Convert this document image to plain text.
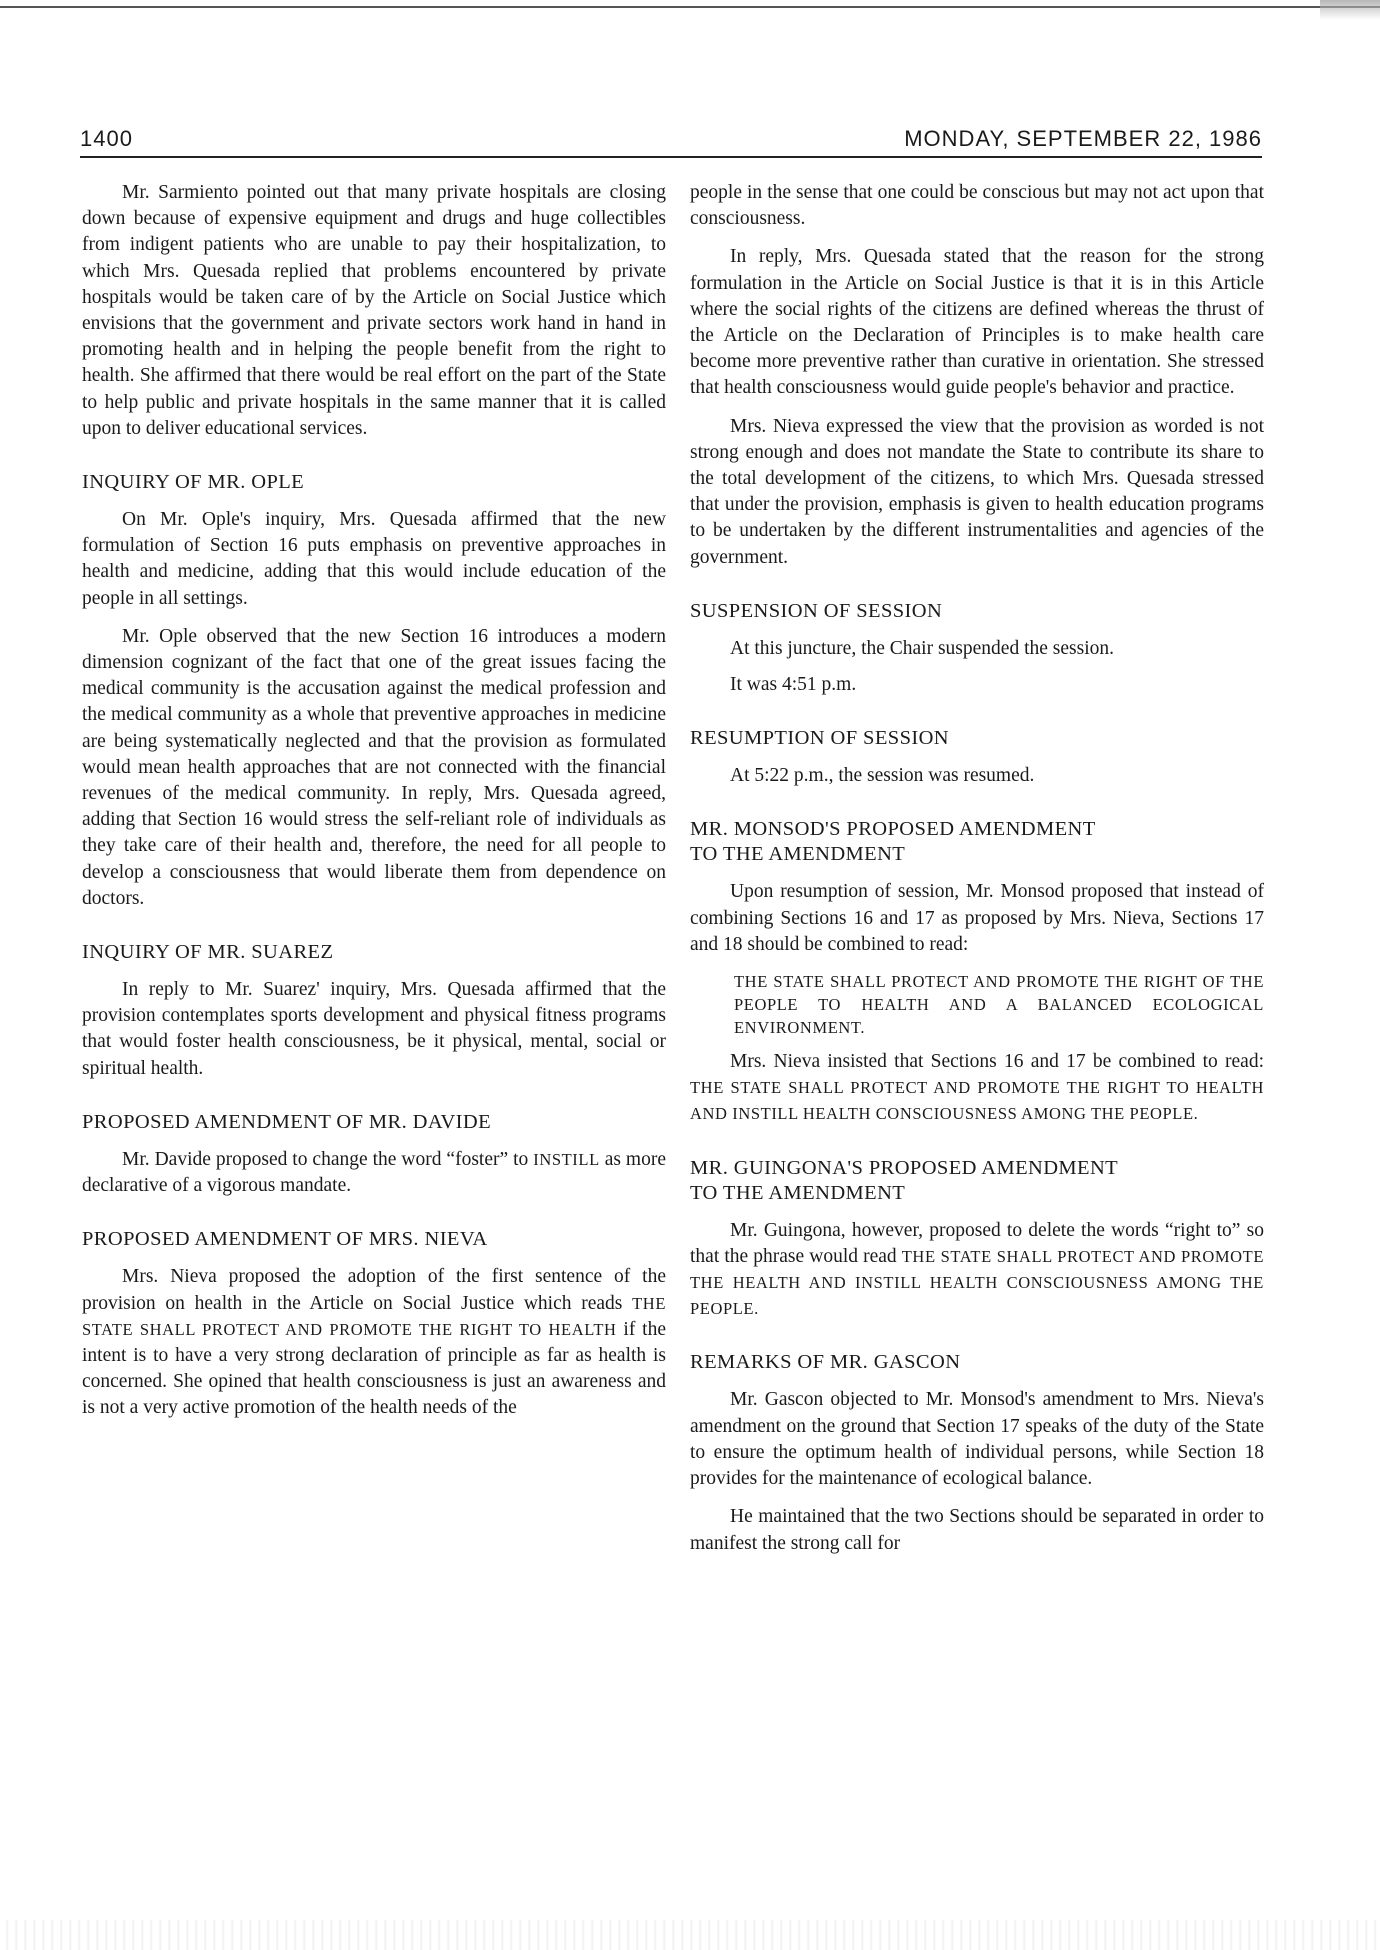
1400	MONDAY, SEPTEMBER 22, 1986

Mr. Sarmiento pointed out that many private hospitals are closing down because of expensive equipment and drugs and huge collectibles from indigent patients who are unable to pay their hospitalization, to which Mrs. Quesada replied that problems encountered by private hospitals would be taken care of by the Article on Social Justice which envisions that the government and private sectors work hand in hand in promoting health and in helping the people benefit from the right to health. She affirmed that there would be real effort on the part of the State to help public and private hospitals in the same manner that it is called upon to deliver educational services.

INQUIRY OF MR. OPLE

On Mr. Ople's inquiry, Mrs. Quesada affirmed that the new formulation of Section 16 puts emphasis on preventive approaches in health and medicine, adding that this would include education of the people in all settings.

Mr. Ople observed that the new Section 16 introduces a modern dimension cognizant of the fact that one of the great issues facing the medical community is the accusation against the medical profession and the medical community as a whole that preventive approaches in medicine are being systematically neglected and that the provision as formulated would mean health approaches that are not connected with the financial revenues of the medical community. In reply, Mrs. Quesada agreed, adding that Section 16 would stress the self-reliant role of individuals as they take care of their health and, therefore, the need for all people to develop a consciousness that would liberate them from dependence on doctors.

INQUIRY OF MR. SUAREZ

In reply to Mr. Suarez' inquiry, Mrs. Quesada affirmed that the provision contemplates sports development and physical fitness programs that would foster health consciousness, be it physical, mental, social or spiritual health.

PROPOSED AMENDMENT OF MR. DAVIDE

Mr. Davide proposed to change the word “foster” to INSTILL as more declarative of a vigorous mandate.

PROPOSED AMENDMENT OF MRS. NIEVA

Mrs. Nieva proposed the adoption of the first sentence of the provision on health in the Article on Social Justice which reads THE STATE SHALL PROTECT AND PROMOTE THE RIGHT TO HEALTH if the intent is to have a very strong declaration of principle as far as health is concerned. She opined that health consciousness is just an awareness and is not a very active promotion of the health needs of the

people in the sense that one could be conscious but may not act upon that consciousness.

In reply, Mrs. Quesada stated that the reason for the strong formulation in the Article on Social Justice is that it is in this Article where the social rights of the citizens are defined whereas the thrust of the Article on the Declaration of Principles is to make health care become more preventive rather than curative in orientation. She stressed that health consciousness would guide people's behavior and practice.

Mrs. Nieva expressed the view that the provision as worded is not strong enough and does not mandate the State to contribute its share to the total development of the citizens, to which Mrs. Quesada stressed that under the provision, emphasis is given to health education programs to be undertaken by the different instrumentalities and agencies of the government.

SUSPENSION OF SESSION

At this juncture, the Chair suspended the session.

It was 4:51 p.m.

RESUMPTION OF SESSION

At 5:22 p.m., the session was resumed.

MR. MONSOD'S PROPOSED AMENDMENT
TO THE AMENDMENT

Upon resumption of session, Mr. Monsod proposed that instead of combining Sections 16 and 17 as proposed by Mrs. Nieva, Sections 17 and 18 should be combined to read:

THE STATE SHALL PROTECT AND PROMOTE THE RIGHT OF THE PEOPLE TO HEALTH AND A BALANCED ECOLOGICAL ENVIRONMENT.

Mrs. Nieva insisted that Sections 16 and 17 be combined to read: THE STATE SHALL PROTECT AND PROMOTE THE RIGHT TO HEALTH AND INSTILL HEALTH CONSCIOUSNESS AMONG THE PEOPLE.

MR. GUINGONA'S PROPOSED AMENDMENT
TO THE AMENDMENT

Mr. Guingona, however, proposed to delete the words “right to” so that the phrase would read THE STATE SHALL PROTECT AND PROMOTE THE HEALTH AND INSTILL HEALTH CONSCIOUSNESS AMONG THE PEOPLE.

REMARKS OF MR. GASCON

Mr. Gascon objected to Mr. Monsod's amendment to Mrs. Nieva's amendment on the ground that Section 17 speaks of the duty of the State to ensure the optimum health of individual persons, while Section 18 provides for the maintenance of ecological balance.

He maintained that the two Sections should be separated in order to manifest the strong call for
